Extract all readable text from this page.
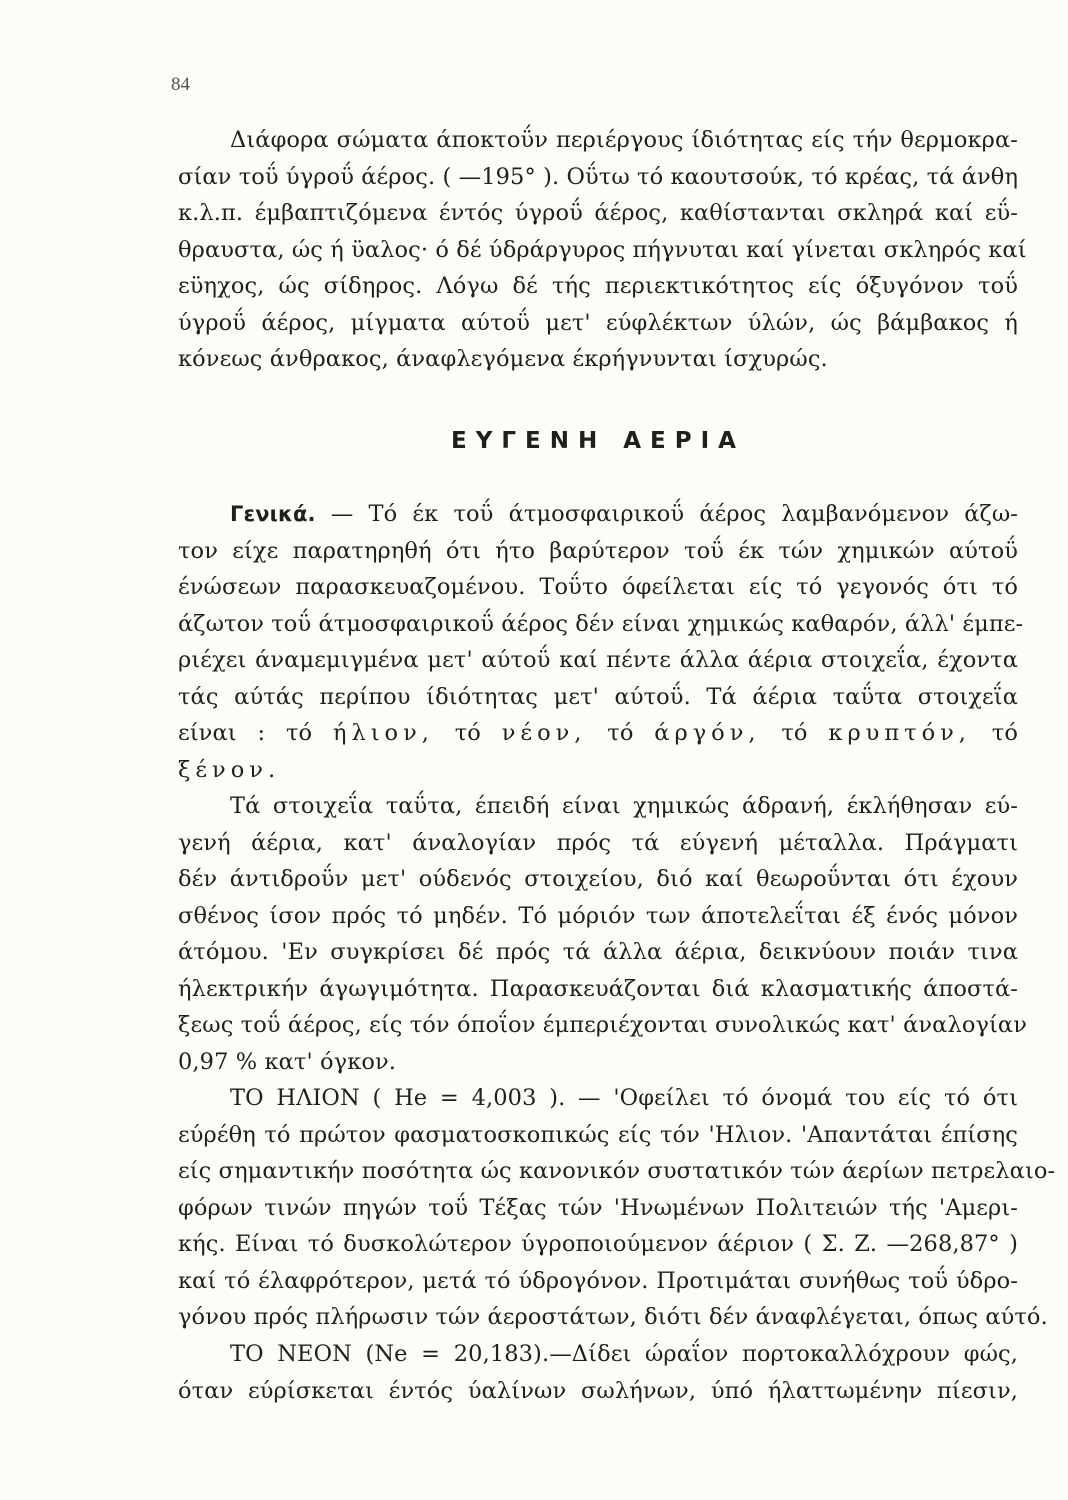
84
Διάφορα σώματα άποκτοΰν περιέργους ίδιότητας είς τήν θερμοκρα-
σίαν τοΰ ύγροΰ άέρος. ( —195° ). Οΰτω τό καουτσούκ, τό κρέας, τά άνθη
κ.λ.π. έμβαπτιζόμενα έντός ύγροΰ άέρος, καθίστανται σκληρά καί εΰ-
θραυστα, ώς ή ϋαλος· ό δέ ύδράργυρος πήγνυται καί γίνεται σκληρός καί
εϋηχος, ώς σίδηρος. Λόγω δέ τής περιεκτικότητος είς όξυγόνον τοΰ
ύγροΰ άέρος, μίγματα αύτοΰ μετ' εύφλέκτων ύλών, ώς βάμβακος ή
κόνεως άνθρακος, άναφλεγόμενα έκρήγνυνται ίσχυρώς.
ΕΥΓΕΝΗ ΑΕΡΙΑ
Γενικά. — Τό έκ τοΰ άτμοσφαιρικοΰ άέρος λαμβανόμενον άζω-
τον είχε παρατηρηθή ότι ήτο βαρύτερον τοΰ έκ τών χημικών αύτοΰ
ένώσεων παρασκευαζομένου. Τοΰτο όφείλεται είς τό γεγονός ότι τό
άζωτον τοΰ άτμοσφαιρικοΰ άέρος δέν είναι χημικώς καθαρόν, άλλ' έμπε-
ριέχει άναμεμιγμένα μετ' αύτοΰ καί πέντε άλλα άέρια στοιχεΐα, έχοντα
τάς αύτάς περίπου ίδιότητας μετ' αύτοΰ. Τά άέρια ταΰτα στοιχεΐα
είναι : τό ήλιον, τό νέον, τό άργόν, τό κρυπτόν, τό
ξένον.
Τά στοιχεΐα ταΰτα, έπειδή είναι χημικώς άδρανή, έκλήθησαν εύ-
γενή άέρια, κατ' άναλογίαν πρός τά εύγενή μέταλλα. Πράγματι
δέν άντιδροΰν μετ' ούδενός στοιχείου, διό καί θεωροΰνται ότι έχουν
σθένος ίσον πρός τό μηδέν. Τό μόριόν των άποτελεΐται έξ ένός μόνον
άτόμου. 'Εν συγκρίσει δέ πρός τά άλλα άέρια, δεικνύουν ποιάν τινα
ήλεκτρικήν άγωγιμότητα. Παρασκευάζονται διά κλασματικής άποστά-
ξεως τοΰ άέρος, είς τόν όποΐον έμπεριέχονται συνολικώς κατ' άναλογίαν
0,97 % κατ' όγκον.
ΤΟ ΗΛΙΟΝ ( He = 4,003 ). — 'Οφείλει τό όνομά του είς τό ότι
εύρέθη τό πρώτον φασματοσκοπικώς είς τόν 'Ηλιον. 'Απαντάται έπίσης
είς σημαντικήν ποσότητα ώς κανονικόν συστατικόν τών άερίων πετρελαιο-
φόρων τινών πηγών τοΰ Τέξας τών 'Ηνωμένων Πολιτειών τής 'Αμερι-
κής. Είναι τό δυσκολώτερον ύγροποιούμενον άέριον ( Σ. Ζ. —268,87° )
καί τό έλαφρότερον, μετά τό ύδρογόνον. Προτιμάται συνήθως τοΰ ύδρο-
γόνου πρός πλήρωσιν τών άεροστάτων, διότι δέν άναφλέγεται, όπως αύτό.
ΤΟ ΝΕΟΝ (Ne = 20,183).—Δίδει ώραΐον πορτοκαλλόχρουν φώς,
όταν εύρίσκεται έντός ύαλίνων σωλήνων, ύπό ήλαττωμένην πίεσιν,
